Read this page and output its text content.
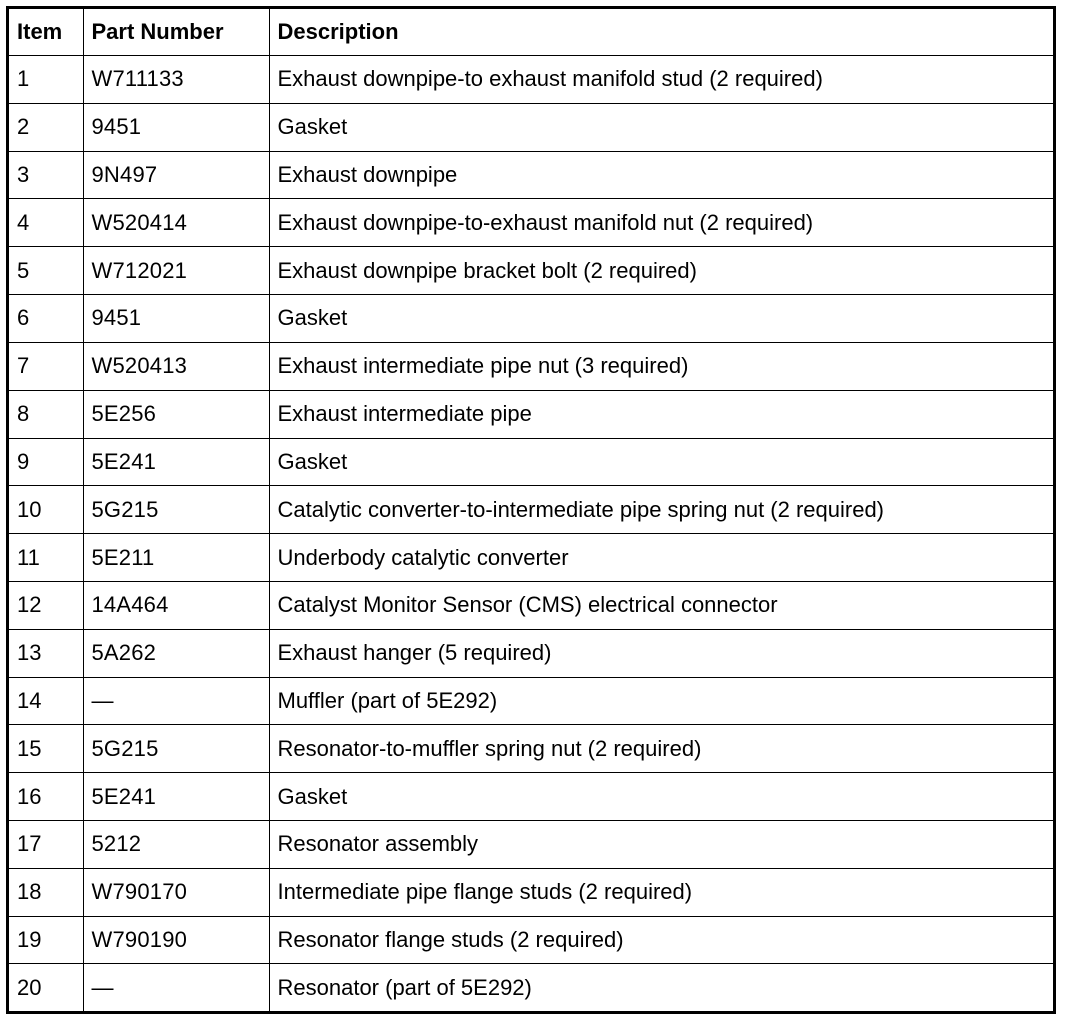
Item	Part Number	Description
1	W711133	Exhaust downpipe-to exhaust manifold stud (2 required)
2	9451	Gasket
3	9N497	Exhaust downpipe
4	W520414	Exhaust downpipe-to-exhaust manifold nut (2 required)
5	W712021	Exhaust downpipe bracket bolt (2 required)
6	9451	Gasket
7	W520413	Exhaust intermediate pipe nut (3 required)
8	5E256	Exhaust intermediate pipe
9	5E241	Gasket
10	5G215	Catalytic converter-to-intermediate pipe spring nut (2 required)
11	5E211	Underbody catalytic converter
12	14A464	Catalyst Monitor Sensor (CMS) electrical connector
13	5A262	Exhaust hanger (5 required)
14	—	Muffler (part of 5E292)
15	5G215	Resonator-to-muffler spring nut (2 required)
16	5E241	Gasket
17	5212	Resonator assembly
18	W790170	Intermediate pipe flange studs (2 required)
19	W790190	Resonator flange studs (2 required)
20	—	Resonator (part of 5E292)
